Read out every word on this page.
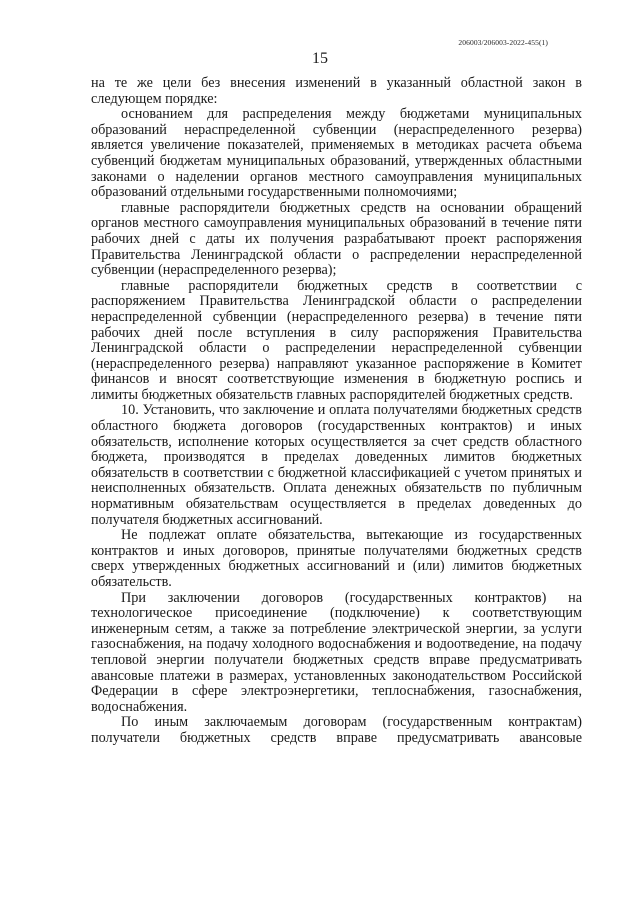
206003/206003-2022-455(1)
15

на те же цели без внесения изменений в указанный областной закон в следующем порядке:

основанием для распределения между бюджетами муниципальных образований нераспределенной субвенции (нераспределенного резерва) является увеличение показателей, применяемых в методиках расчета объема субвенций бюджетам муниципальных образований, утвержденных областными законами о наделении органов местного самоуправления муниципальных образований отдельными государственными полномочиями;

главные распорядители бюджетных средств на основании обращений органов местного самоуправления муниципальных образований в течение пяти рабочих дней с даты их получения разрабатывают проект распоряжения Правительства Ленинградской области о распределении нераспределенной субвенции (нераспределенного резерва);

главные распорядители бюджетных средств в соответствии с распоряжением Правительства Ленинградской области о распределении нераспределенной субвенции (нераспределенного резерва) в течение пяти рабочих дней после вступления в силу распоряжения Правительства Ленинградской области о распределении нераспределенной субвенции (нераспределенного резерва) направляют указанное распоряжение в Комитет финансов и вносят соответствующие изменения в бюджетную роспись и лимиты бюджетных обязательств главных распорядителей бюджетных средств.

10. Установить, что заключение и оплата получателями бюджетных средств областного бюджета договоров (государственных контрактов) и иных обязательств, исполнение которых осуществляется за счет средств областного бюджета, производятся в пределах доведенных лимитов бюджетных обязательств в соответствии с бюджетной классификацией с учетом принятых и неисполненных обязательств. Оплата денежных обязательств по публичным нормативным обязательствам осуществляется в пределах доведенных до получателя бюджетных ассигнований.

Не подлежат оплате обязательства, вытекающие из государственных контрактов и иных договоров, принятые получателями бюджетных средств сверх утвержденных бюджетных ассигнований и (или) лимитов бюджетных обязательств.

При заключении договоров (государственных контрактов) на технологическое присоединение (подключение) к соответствующим инженерным сетям, а также за потребление электрической энергии, за услуги газоснабжения, на подачу холодного водоснабжения и водоотведение, на подачу тепловой энергии получатели бюджетных средств вправе предусматривать авансовые платежи в размерах, установленных законодательством Российской Федерации в сфере электроэнергетики, теплоснабжения, газоснабжения, водоснабжения.

По иным заключаемым договорам (государственным контрактам) получатели бюджетных средств вправе предусматривать авансовые
